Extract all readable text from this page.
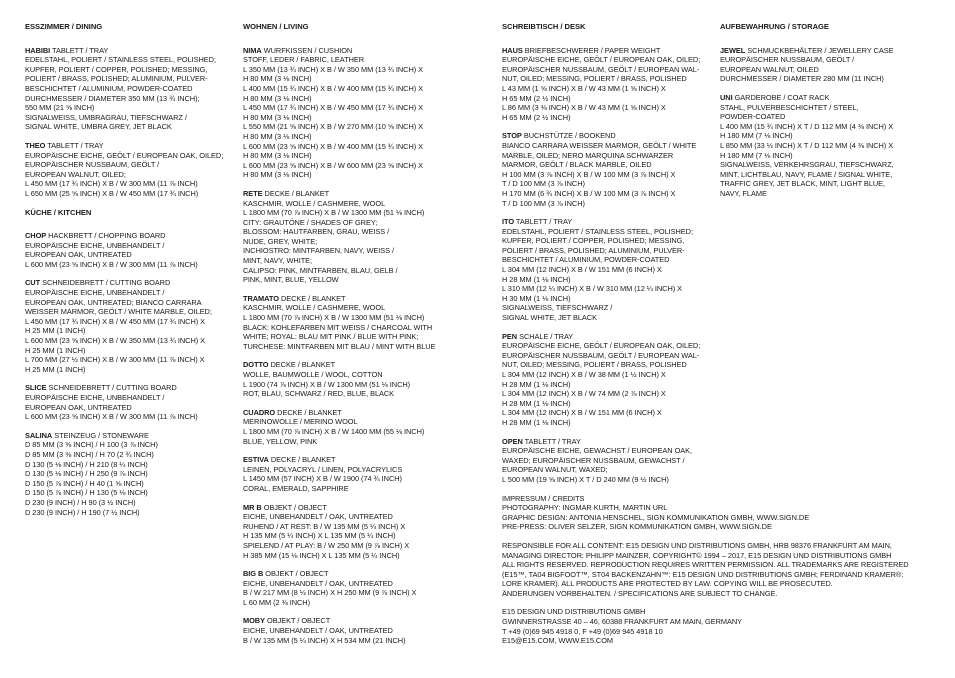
ESSZIMMER / DINING
HABIBI TABLETT / TRAY
EDELSTAHL, POLIERT / STAINLESS STEEL, POLISHED;
KUPFER, POLIERT / COPPER, POLISHED; MESSING,
POLIERT / BRASS, POLISHED; ALUMINIUM, PULVER-
BESCHICHTET / ALUMINIUM, POWDER-COATED
DURCHMESSER / DIAMETER 350 MM (13 ¾ INCH);
550 MM (21 ⅝ INCH)
SIGNALWEISS, UMBRAGRAU, TIEFSCHWARZ /
SIGNAL WHITE, UMBRA GREY, JET BLACK
THEO TABLETT / TRAY
EUROPÄISCHE EICHE, GEÖLT / EUROPEAN OAK, OILED;
EUROPÄISCHER NUSSBAUM, GEÖLT /
EUROPEAN WALNUT, OILED;
L 450 MM (17 ¾ INCH) X B / W 300 MM (11 ⅞ INCH)
L 650 MM (25 ⅝ INCH) X B / W 450 MM (17 ¾ INCH)
KÜCHE / KITCHEN
CHOP HACKBRETT / CHOPPING BOARD
EUROPÄISCHE EICHE, UNBEHANDELT /
EUROPEAN OAK, UNTREATED
L 600 MM (23 ⅝ INCH) X B / W 300 MM (11 ⅞ INCH)
CUT SCHNEIDEBRETT / CUTTING BOARD
EUROPÄISCHE EICHE, UNBEHANDELT /
EUROPEAN OAK, UNTREATED; BIANCO CARRARA
WEISSER MARMOR, GEÖLT / WHITE MARBLE, OILED;
L 450 MM (17 ¾ INCH) X B / W 450 MM (17 ¾ INCH) X
H 25 MM (1 INCH)
L 600 MM (23 ⅝ INCH) X B / W 350 MM (13 ¾ INCH) X
H 25 MM (1 INCH)
L 700 MM (27 ½ INCH) X B / W 300 MM (11 ⅞ INCH) X
H 25 MM (1 INCH)
SLICE SCHNEIDEBRETT / CUTTING BOARD
EUROPÄISCHE EICHE, UNBEHANDELT /
EUROPEAN OAK, UNTREATED
L 600 MM (23 ⅝ INCH) X B / W 300 MM (11 ⅞ INCH)
SALINA STEINZEUG / STONEWARE
D 85 MM (3 ⅜ INCH) / H 100 (3 ⅞ INCH)
D 85 MM (3 ⅜ INCH) / H 70 (2 ¾ INCH)
D 130 (5 ⅛ INCH) / H 210 (8 ¼ INCH)
D 130 (5 ⅛ INCH) / H 250 (9 ⅞ INCH)
D 150 (5 ⅞ INCH) / H 40 (1 ⅝ INCH)
D 150 (5 ⅞ INCH) / H 130 (5 ⅛ INCH)
D 230 (9 INCH) / H 90 (3 ½ INCH)
D 230 (9 INCH) / H 190 (7 ½ INCH)
WOHNEN / LIVING
NIMA WURFKISSEN / CUSHION
STOFF, LEDER / FABRIC, LEATHER
L 350 MM (13 ¾ INCH) X B / W 350 MM (13 ¾ INCH) X
H 80 MM (3 ⅛ INCH)
L 400 MM (15 ¾ INCH) X B / W 400 MM (15 ¾ INCH) X
H 80 MM (3 ⅛ INCH)
L 450 MM (17 ¾ INCH) X B / W 450 MM (17 ¾ INCH) X
H 80 MM (3 ⅛ INCH)
L 550 MM (21 ⅝ INCH) X B / W 270 MM (10 ⅝ INCH) X
H 80 MM (3 ⅛ INCH)
L 600 MM (23 ⅝ INCH) X B / W 400 MM (15 ¾ INCH) X
H 80 MM (3 ⅛ INCH)
L 600 MM (23 ⅝ INCH) X B / W 600 MM (23 ⅝ INCH) X
H 80 MM (3 ⅛ INCH)
RETE DECKE / BLANKET
KASCHMIR, WOLLE / CASHMERE, WOOL
L 1800 MM (70 ⅞ INCH) X B / W 1300 MM (51 ⅛ INCH)
CITY: GRAUTÖNE / SHADES OF GREY;
BLOSSOM: HAUTFARBEN, GRAU, WEISS /
NUDE, GREY, WHITE;
INCHIOSTRO: MINTFARBEN, NAVY, WEISS /
MINT, NAVY, WHITE;
CALIPSO: PINK, MINTFARBEN, BLAU, GELB /
PINK, MINT, BLUE, YELLOW
TRAMATO DECKE / BLANKET
KASCHMIR, WOLLE / CASHMERE, WOOL
L 1800 MM (70 ⅞ INCH) X B / W 1300 MM (51 ⅛ INCH)
BLACK: KOHLEFARBEN MIT WEISS / CHARCOAL WITH
WHITE; ROYAL: BLAU MIT PINK / BLUE WITH PINK;
TURCHESE: MINTFARBEN MIT BLAU / MINT WITH BLUE
DOTTO DECKE / BLANKET
WOLLE, BAUMWOLLE / WOOL, COTTON
L 1900 (74 ⅞ INCH) X B / W 1300 MM (51 ⅛ INCH)
ROT, BLAU, SCHWARZ / RED, BLUE, BLACK
CUADRO DECKE / BLANKET
MERINOWOLLE / MERINO WOOL
L 1800 MM (70 ⅞ INCH) X B / W 1400 MM (55 ⅛ INCH)
BLUE, YELLOW, PINK
ESTIVA DECKE / BLANKET
LEINEN, POLYACRYL / LINEN, POLYACRYLICS
L 1450 MM (57 INCH) X B / W 1900 (74 ¾ INCH)
CORAL, EMERALD, SAPPHIRE
MR B OBJEKT / OBJECT
EICHE, UNBEHANDELT / OAK, UNTREATED
RUHEND / AT REST: B / W 135 MM (5 ¼ INCH) X
H 135 MM (5 ¼ INCH) X L 135 MM (5 ¼ INCH)
SPIELEND / AT PLAY: B / W 250 MM (9 ⅞ INCH) X
H 385 MM (15 ⅛ INCH) X L 135 MM (5 ¼ INCH)
BIG B OBJEKT / OBJECT
EICHE, UNBEHANDELT / OAK, UNTREATED
B / W 217 MM (8 ½ INCH) X H 250 MM (9 ⅞ INCH) X
L 60 MM (2 ⅜ INCH)
MOBY OBJEKT / OBJECT
EICHE, UNBEHANDELT / OAK, UNTREATED
B / W 135 MM (5 ¼ INCH) X H 534 MM (21 INCH)
SCHREIBTISCH / DESK
HAUS BRIEFBESCHWERER / PAPER WEIGHT
EUROPÄISCHE EICHE, GEÖLT / EUROPEAN OAK, OILED;
EUROPÄISCHER NUSSBAUM, GEÖLT / EUROPEAN WAL-
NUT, OILED; MESSING, POLIERT / BRASS, POLISHED
L 43 MM (1 ⅝ INCH) X B / W 43 MM (1 ⅝ INCH) X
H 65 MM (2 ½ INCH)
L 86 MM (3 ⅜ INCH) X B / W 43 MM (1 ⅝ INCH) X
H 65 MM (2 ½ INCH)
STOP BUCHSTÜTZE / BOOKEND
BIANCO CARRARA WEISSER MARMOR, GEÖLT / WHITE
MARBLE, OILED; NERO MARQUINA SCHWARZER
MARMOR, GEÖLT / BLACK MARBLE, OILED
H 100 MM (3 ⅞ INCH) X B / W 100 MM (3 ⅞ INCH) X
T / D 100 MM (3 ⅞ INCH)
H 170 MM (6 ¾ INCH) X B / W 100 MM (3 ⅞ INCH) X
T / D 100 MM (3 ⅞ INCH)
ITO TABLETT / TRAY
EDELSTAHL, POLIERT / STAINLESS STEEL, POLISHED;
KUPFER, POLIERT / COPPER, POLISHED; MESSING,
POLIERT / BRASS, POLISHED; ALUMINIUM, PULVER-
BESCHICHTET / ALUMINIUM, POWDER-COATED
L 304 MM (12 INCH) X B / W 151 MM (6 INCH) X
H 28 MM (1 ⅛ INCH)
L 310 MM (12 ¼ INCH) X B / W 310 MM (12 ¼ INCH) X
H 30 MM (1 ⅛ INCH)
SIGNALWEISS, TIEFSCHWARZ /
SIGNAL WHITE, JET BLACK
PEN SCHALE / TRAY
EUROPÄISCHE EICHE, GEÖLT / EUROPEAN OAK, OILED;
EUROPÄISCHER NUSSBAUM, GEÖLT / EUROPEAN WAL-
NUT, OILED; MESSING, POLIERT / BRASS, POLISHED
L 304 MM (12 INCH) X B / W 38 MM (1 ½ INCH) X
H 28 MM (1 ⅛ INCH)
L 304 MM (12 INCH) X B / W 74 MM (2 ⅞ INCH) X
H 28 MM (1 ⅛ INCH)
L 304 MM (12 INCH) X B / W 151 MM (6 INCH) X
H 28 MM (1 ⅛ INCH)
OPEN TABLETT / TRAY
EUROPÄISCHE EICHE, GEWACHST / EUROPEAN OAK,
WAXED; EUROPÄISCHER NUSSBAUM, GEWACHST /
EUROPEAN WALNUT, WAXED;
L 500 MM (19 ⅝ INCH) X T / D 240 MM (9 ½ INCH)
IMPRESSUM / CREDITS
PHOTOGRAPHY: INGMAR KURTH, MARTIN URL
GRAPHIC DESIGN: ANTONIA HENSCHEL, SIGN KOMMUNIKATION GMBH, WWW.SIGN.DE
PRE-PRESS: OLIVER SELZER, SIGN KOMMUNIKATION GMBH, WWW.SIGN.DE
RESPONSIBLE FOR ALL CONTENT: E15 DESIGN UND DISTRIBUTIONS GMBH, HRB 98376 FRANKFURT AM MAIN,
MANAGING DIRECTOR: PHILIPP MAINZER, COPYRIGHT© 1994 – 2017, E15 DESIGN UND DISTRIBUTIONS GMBH
ALL RIGHTS RESERVED. REPRODUCTION REQUIRES WRITTEN PERMISSION. ALL TRADEMARKS ARE REGISTERED
(E15™, TA04 BIGFOOT™, ST04 BACKENZAHN™: E15 DESIGN UND DISTRIBUTIONS GMBH; FERDINAND KRAMER®:
LORE KRAMER). ALL PRODUCTS ARE PROTECTED BY LAW. COPYING WILL BE PROSECUTED.
ÄNDERUNGEN VORBEHALTEN. / SPECIFICATIONS ARE SUBJECT TO CHANGE.
E15 DESIGN UND DISTRIBUTIONS GMBH
GWINNERSTRASSE 40 – 46, 60388 FRANKFURT AM MAIN, GERMANY
T +49 (0)69 945 4918 0, F +49 (0)69 945 4918 10
E15@E15.COM, WWW.E15.COM
AUFBEWAHRUNG / STORAGE
JEWEL SCHMUCKBEHÄLTER / JEWELLERY CASE
EUROPÄISCHER NUSSBAUM, GEÖLT /
EUROPEAN WALNUT, OILED
DURCHMESSER / DIAMETER 280 MM (11 INCH)
UNI GARDEROBE / COAT RACK
STAHL, PULVERBESCHICHTET / STEEL,
POWDER-COATED
L 400 MM (15 ¾ INCH) X T / D 112 MM (4 ⅜ INCH) X
H 180 MM (7 ⅛ INCH)
L 850 MM (33 ½ INCH) X T / D 112 MM (4 ⅜ INCH) X
H 180 MM (7 ⅛ INCH)
SIGNALWEISS, VERKEHRSGRAU, TIEFSCHWARZ,
MINT, LICHTBLAU, NAVY, FLAME / SIGNAL WHITE,
TRAFFIC GREY, JET BLACK, MINT, LIGHT BLUE,
NAVY, FLAME
